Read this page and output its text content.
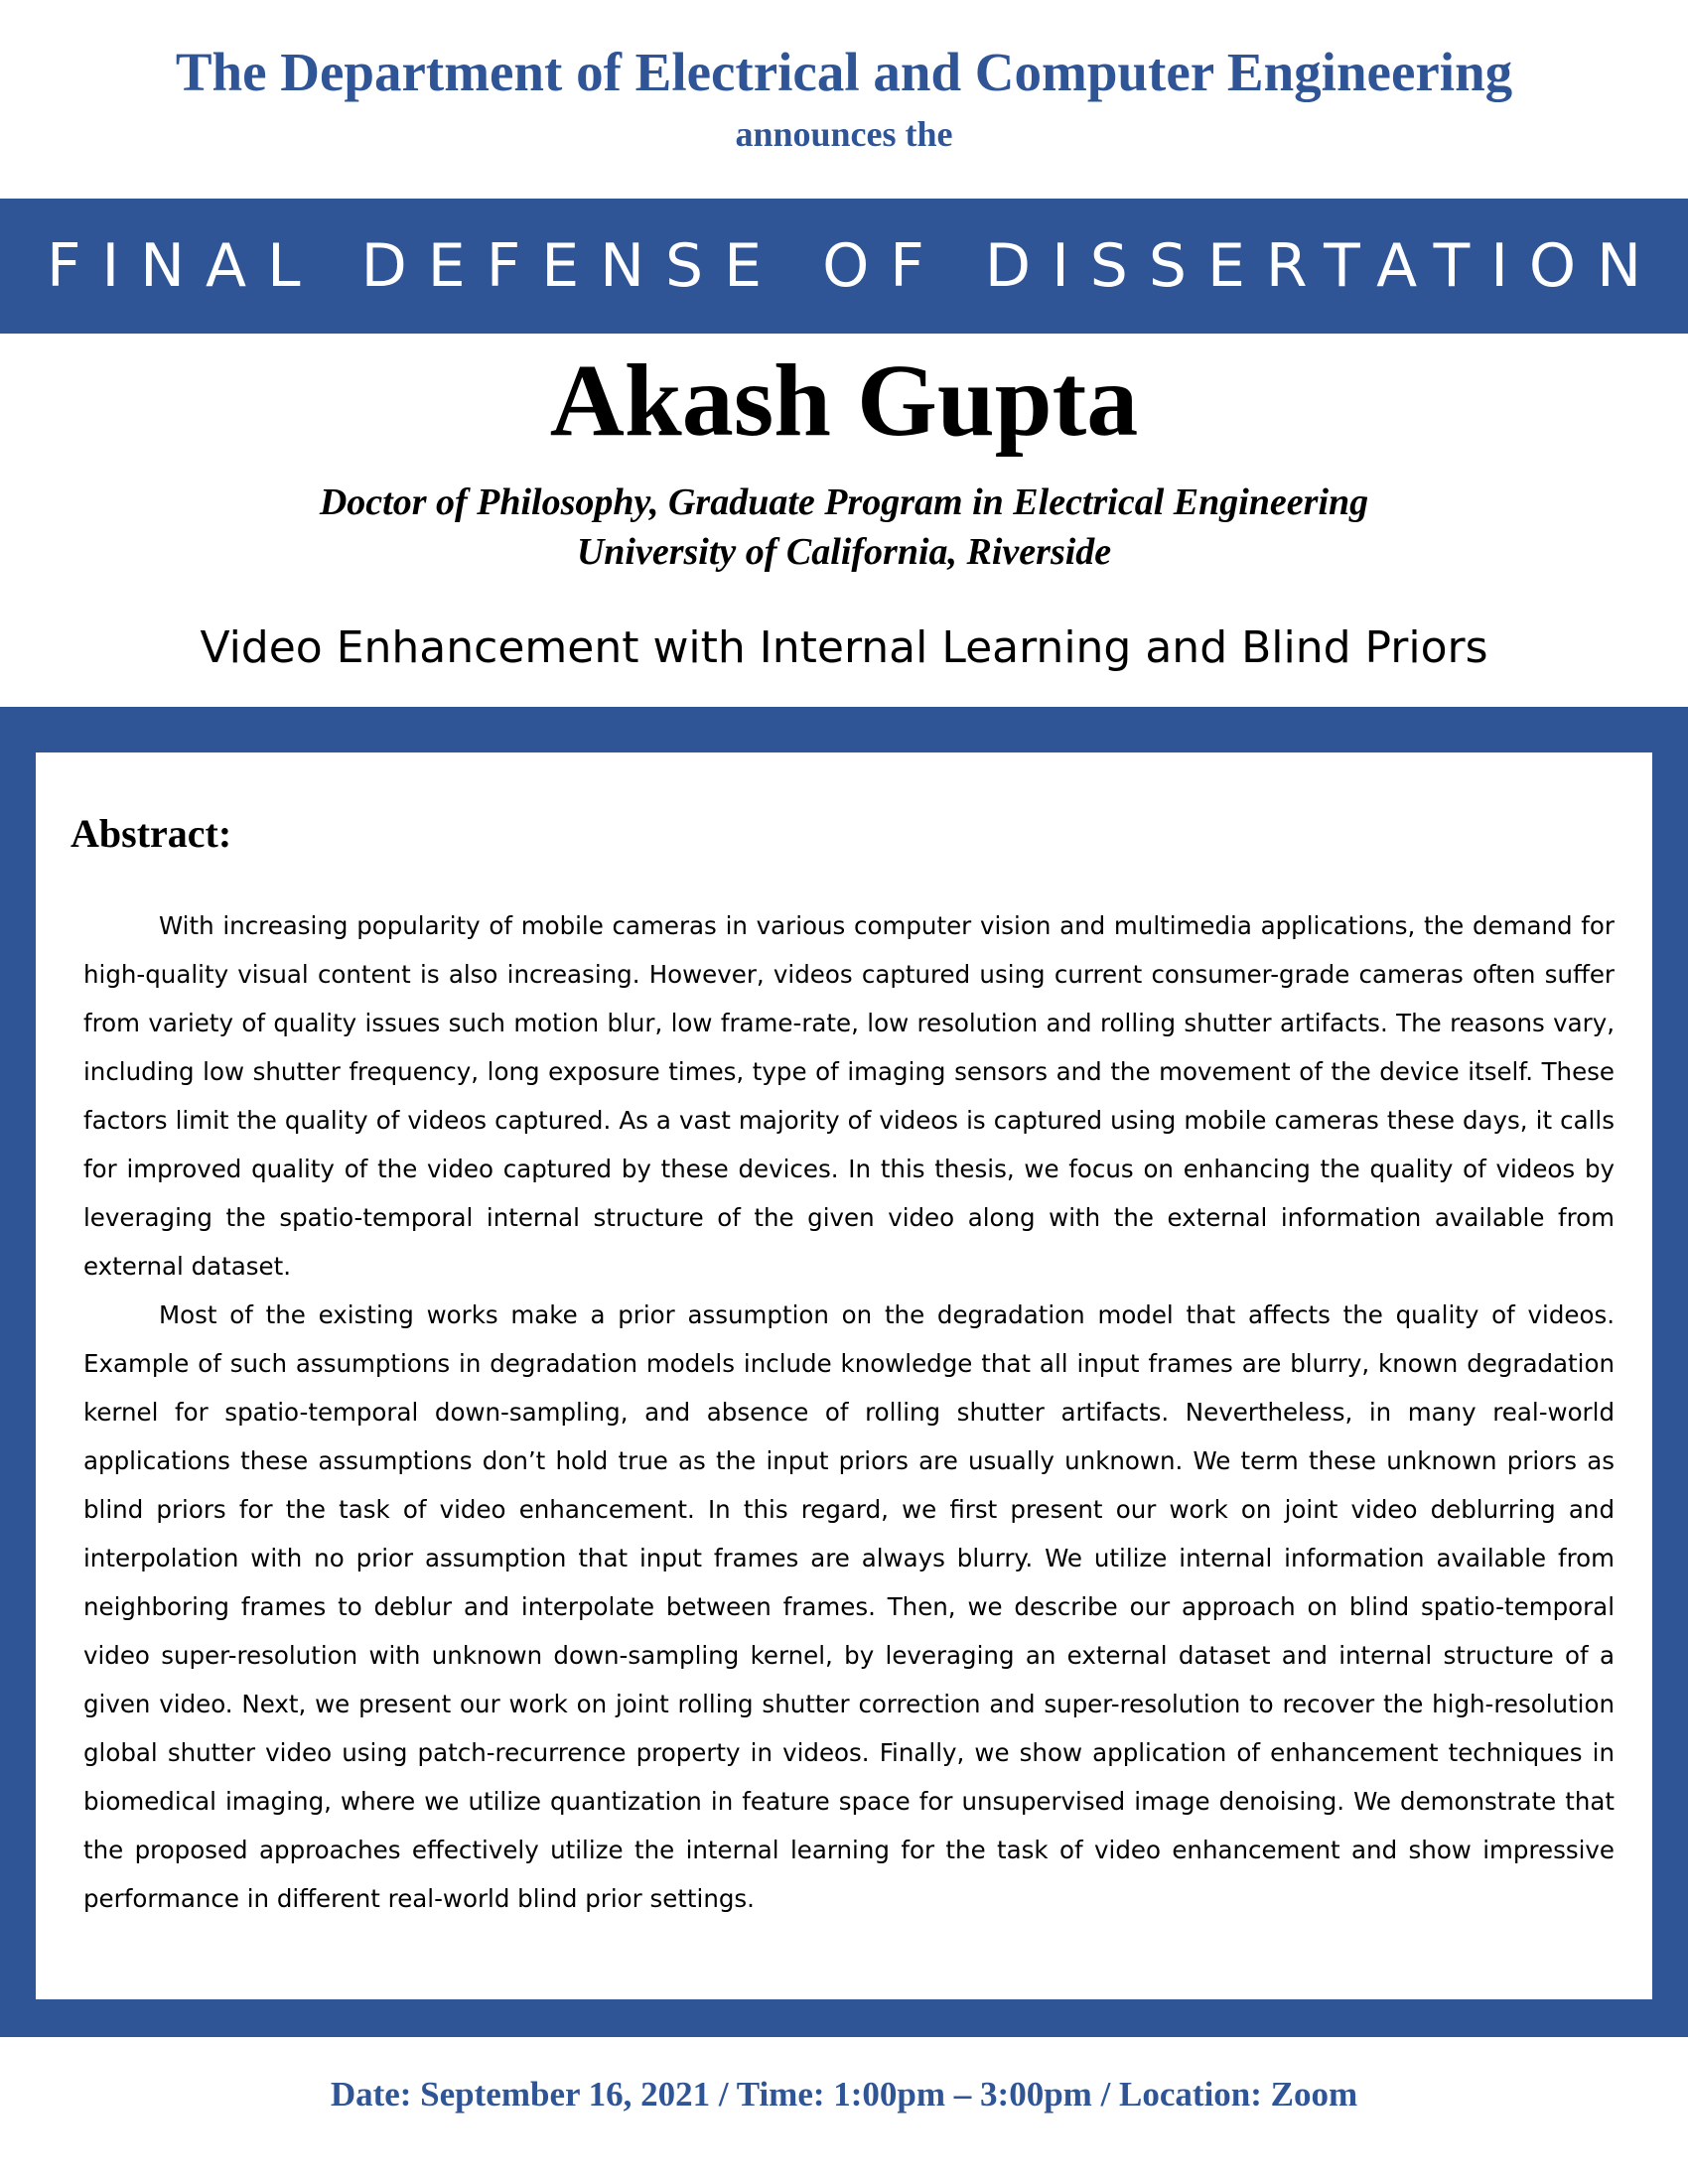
The Department of Electrical and Computer Engineering
announces the
FINAL DEFENSE OF DISSERTATION
Akash Gupta
Doctor of Philosophy, Graduate Program in Electrical Engineering
University of California, Riverside
Video Enhancement with Internal Learning and Blind Priors
Abstract:

With increasing popularity of mobile cameras in various computer vision and multimedia applications, the demand for high-quality visual content is also increasing. However, videos captured using current consumer-grade cameras often suffer from variety of quality issues such motion blur, low frame-rate, low resolution and rolling shutter artifacts. The reasons vary, including low shutter frequency, long exposure times, type of imaging sensors and the movement of the device itself. These factors limit the quality of videos captured. As a vast majority of videos is captured using mobile cameras these days, it calls for improved quality of the video captured by these devices. In this thesis, we focus on enhancing the quality of videos by leveraging the spatio-temporal internal structure of the given video along with the external information available from external dataset.

Most of the existing works make a prior assumption on the degradation model that affects the quality of videos. Example of such assumptions in degradation models include knowledge that all input frames are blurry, known degradation kernel for spatio-temporal down-sampling, and absence of rolling shutter artifacts. Nevertheless, in many real-world applications these assumptions don’t hold true as the input priors are usually unknown. We term these unknown priors as blind priors for the task of video enhancement. In this regard, we first present our work on joint video deblurring and interpolation with no prior assumption that input frames are always blurry. We utilize internal information available from neighboring frames to deblur and interpolate between frames. Then, we describe our approach on blind spatio-temporal video super-resolution with unknown down-sampling kernel, by leveraging an external dataset and internal structure of a given video. Next, we present our work on joint rolling shutter correction and super-resolution to recover the high-resolution global shutter video using patch-recurrence property in videos. Finally, we show application of enhancement techniques in biomedical imaging, where we utilize quantization in feature space for unsupervised image denoising. We demonstrate that the proposed approaches effectively utilize the internal learning for the task of video enhancement and show impressive performance in different real-world blind prior settings.

Date: September 16, 2021 / Time: 1:00pm – 3:00pm / Location: Zoom
